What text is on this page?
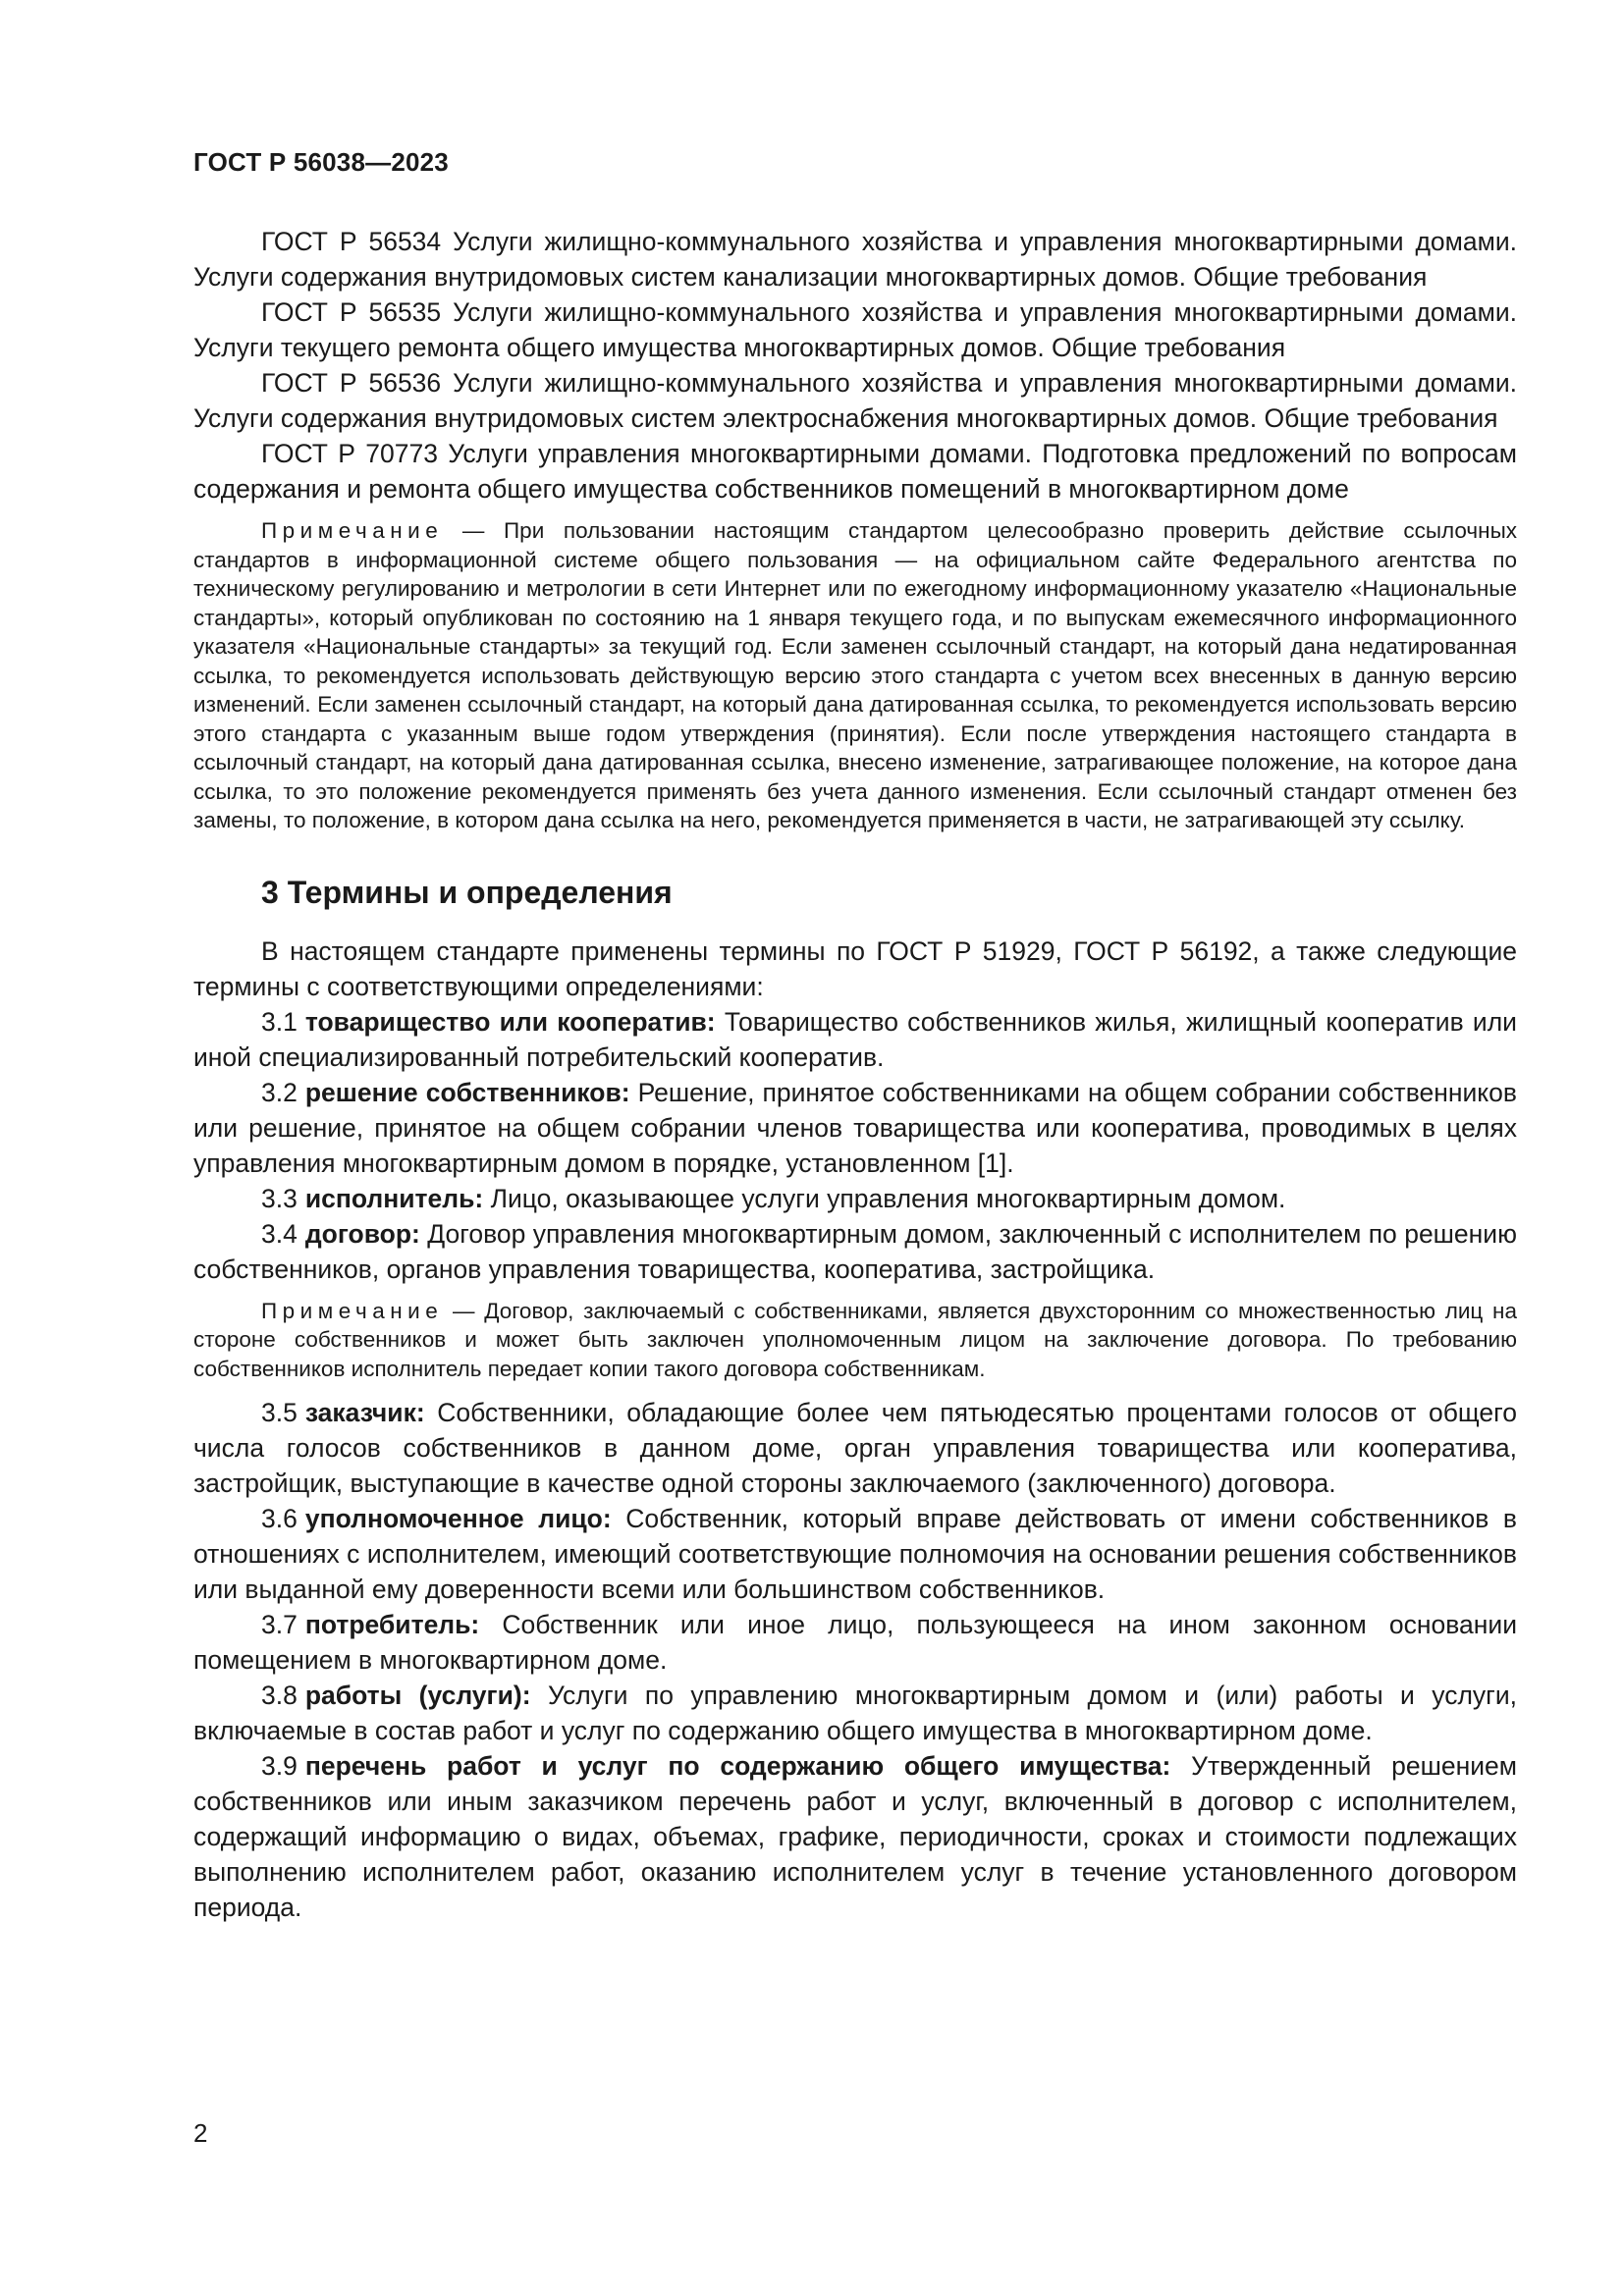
ГОСТ Р 56038—2023

ГОСТ Р 56534 Услуги жилищно-коммунального хозяйства и управления многоквартирными домами. Услуги содержания внутридомовых систем канализации многоквартирных домов. Общие требования

ГОСТ Р 56535 Услуги жилищно-коммунального хозяйства и управления многоквартирными домами. Услуги текущего ремонта общего имущества многоквартирных домов. Общие требования

ГОСТ Р 56536 Услуги жилищно-коммунального хозяйства и управления многоквартирными домами. Услуги содержания внутридомовых систем электроснабжения многоквартирных домов. Общие требования

ГОСТ Р 70773 Услуги управления многоквартирными домами. Подготовка предложений по вопросам содержания и ремонта общего имущества собственников помещений в многоквартирном доме

Примечание — При пользовании настоящим стандартом целесообразно проверить действие ссылочных стандартов в информационной системе общего пользования — на официальном сайте Федерального агентства по техническому регулированию и метрологии в сети Интернет или по ежегодному информационному указателю «Национальные стандарты», который опубликован по состоянию на 1 января текущего года, и по выпускам ежемесячного информационного указателя «Национальные стандарты» за текущий год. Если заменен ссылочный стандарт, на который дана недатированная ссылка, то рекомендуется использовать действующую версию этого стандарта с учетом всех внесенных в данную версию изменений. Если заменен ссылочный стандарт, на который дана датированная ссылка, то рекомендуется использовать версию этого стандарта с указанным выше годом утверждения (принятия). Если после утверждения настоящего стандарта в ссылочный стандарт, на который дана датированная ссылка, внесено изменение, затрагивающее положение, на которое дана ссылка, то это положение рекомендуется применять без учета данного изменения. Если ссылочный стандарт отменен без замены, то положение, в котором дана ссылка на него, рекомендуется применяется в части, не затрагивающей эту ссылку.

3 Термины и определения

В настоящем стандарте применены термины по ГОСТ Р 51929, ГОСТ Р 56192, а также следующие термины с соответствующими определениями:

3.1 товарищество или кооператив: Товарищество собственников жилья, жилищный кооператив или иной специализированный потребительский кооператив.

3.2 решение собственников: Решение, принятое собственниками на общем собрании собственников или решение, принятое на общем собрании членов товарищества или кооператива, проводимых в целях управления многоквартирным домом в порядке, установленном [1].

3.3 исполнитель: Лицо, оказывающее услуги управления многоквартирным домом.

3.4 договор: Договор управления многоквартирным домом, заключенный с исполнителем по решению собственников, органов управления товарищества, кооператива, застройщика.

Примечание — Договор, заключаемый с собственниками, является двухсторонним со множественностью лиц на стороне собственников и может быть заключен уполномоченным лицом на заключение договора. По требованию собственников исполнитель передает копии такого договора собственникам.

3.5 заказчик: Собственники, обладающие более чем пятьюдесятью процентами голосов от общего числа голосов собственников в данном доме, орган управления товарищества или кооператива, застройщик, выступающие в качестве одной стороны заключаемого (заключенного) договора.

3.6 уполномоченное лицо: Собственник, который вправе действовать от имени собственников в отношениях с исполнителем, имеющий соответствующие полномочия на основании решения собственников или выданной ему доверенности всеми или большинством собственников.

3.7 потребитель: Собственник или иное лицо, пользующееся на ином законном основании помещением в многоквартирном доме.

3.8 работы (услуги): Услуги по управлению многоквартирным домом и (или) работы и услуги, включаемые в состав работ и услуг по содержанию общего имущества в многоквартирном доме.

3.9 перечень работ и услуг по содержанию общего имущества: Утвержденный решением собственников или иным заказчиком перечень работ и услуг, включенный в договор с исполнителем, содержащий информацию о видах, объемах, графике, периодичности, сроках и стоимости подлежащих выполнению исполнителем работ, оказанию исполнителем услуг в течение установленного договором периода.

2
